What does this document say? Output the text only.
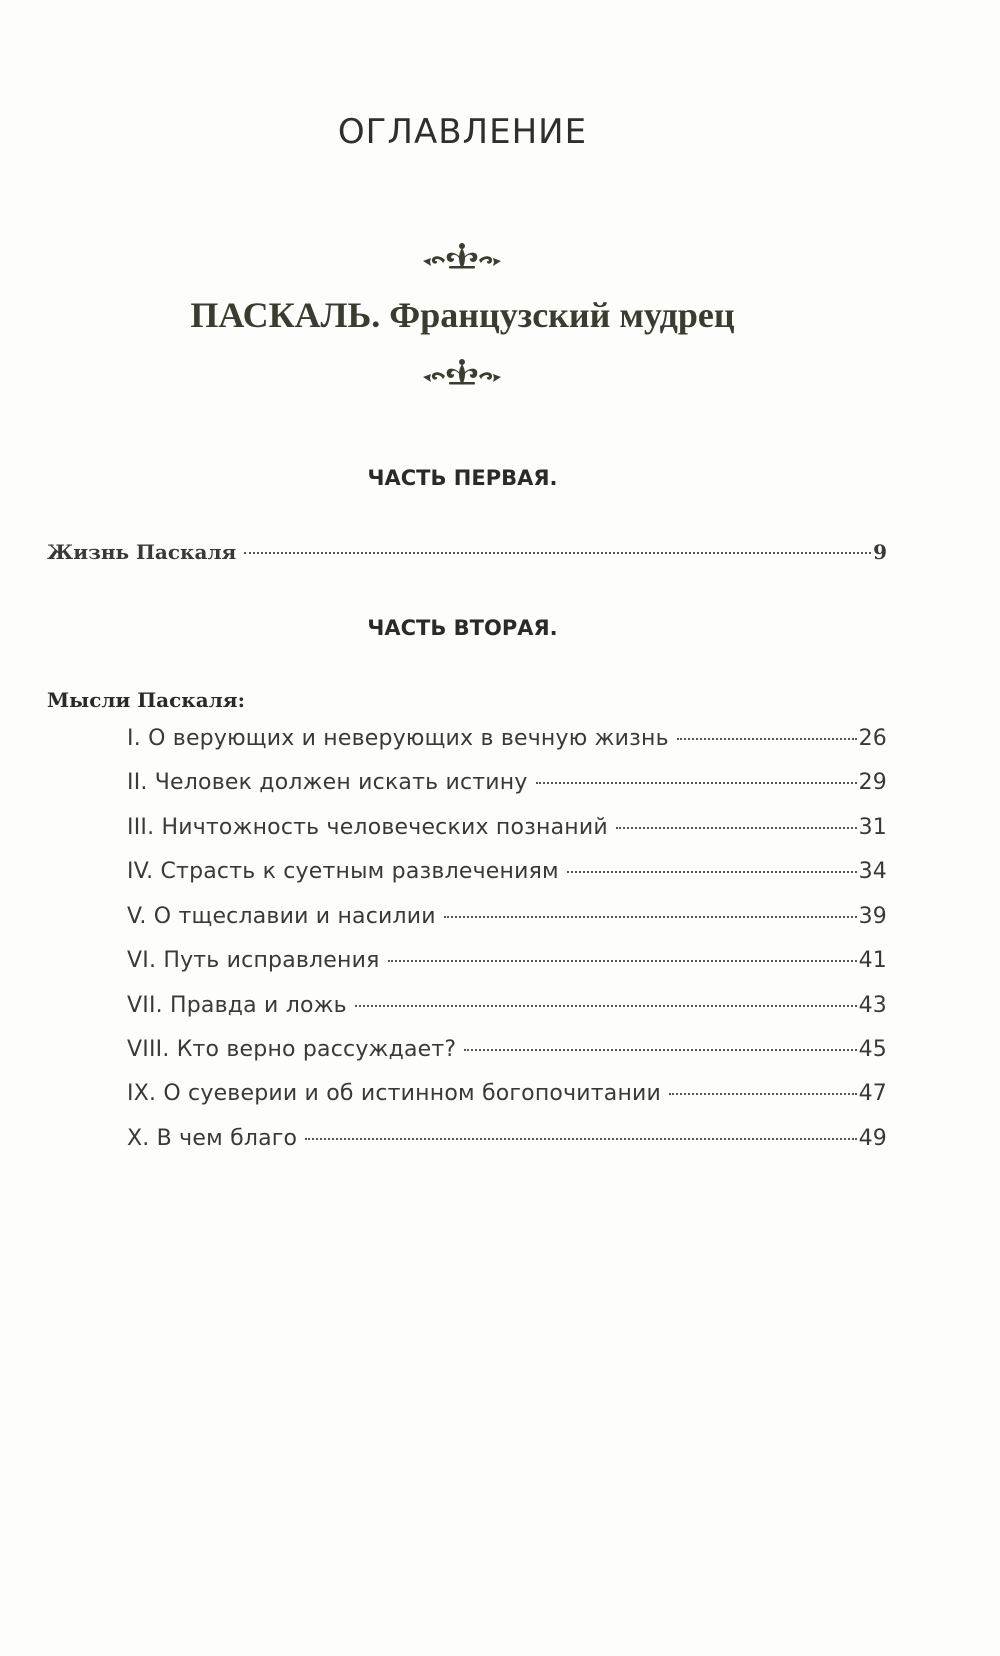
ОГЛАВЛЕНИЕ
ПАСКАЛЬ. Французский мудрец
ЧАСТЬ ПЕРВАЯ.
Жизнь Паскаля	9
ЧАСТЬ ВТОРАЯ.
Мысли Паскаля:
I. О верующих и неверующих в вечную жизнь	26
II. Человек должен искать истину	29
III. Ничтожность человеческих познаний	31
IV. Страсть к суетным развлечениям	34
V. О тщеславии и насилии	39
VI. Путь исправления	41
VII. Правда и ложь	43
VIII. Кто верно рассуждает?	45
IX. О суеверии и об истинном богопочитании	47
X. В чем благо	49
